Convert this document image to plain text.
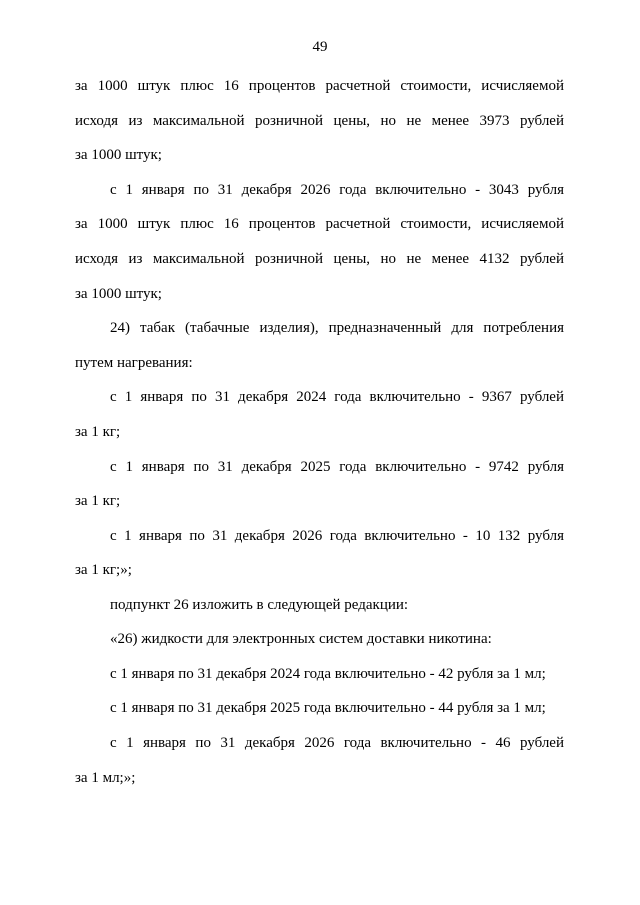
49
за 1000 штук плюс 16 процентов расчетной стоимости, исчисляемой
исходя из максимальной розничной цены, но не менее 3973 рублей
за 1000 штук;
с 1 января по 31 декабря 2026 года включительно - 3043 рубля
за 1000 штук плюс 16 процентов расчетной стоимости, исчисляемой
исходя из максимальной розничной цены, но не менее 4132 рублей
за 1000 штук;
24) табак (табачные изделия), предназначенный для потребления
путем нагревания:
с 1 января по 31 декабря 2024 года включительно - 9367 рублей
за 1 кг;
с 1 января по 31 декабря 2025 года включительно - 9742 рубля
за 1 кг;
с 1 января по 31 декабря 2026 года включительно - 10 132 рубля
за 1 кг;»;
подпункт 26 изложить в следующей редакции:
«26) жидкости для электронных систем доставки никотина:
с 1 января по 31 декабря 2024 года включительно - 42 рубля за 1 мл;
с 1 января по 31 декабря 2025 года включительно - 44 рубля за 1 мл;
с 1 января по 31 декабря 2026 года включительно - 46 рублей
за 1 мл;»;
